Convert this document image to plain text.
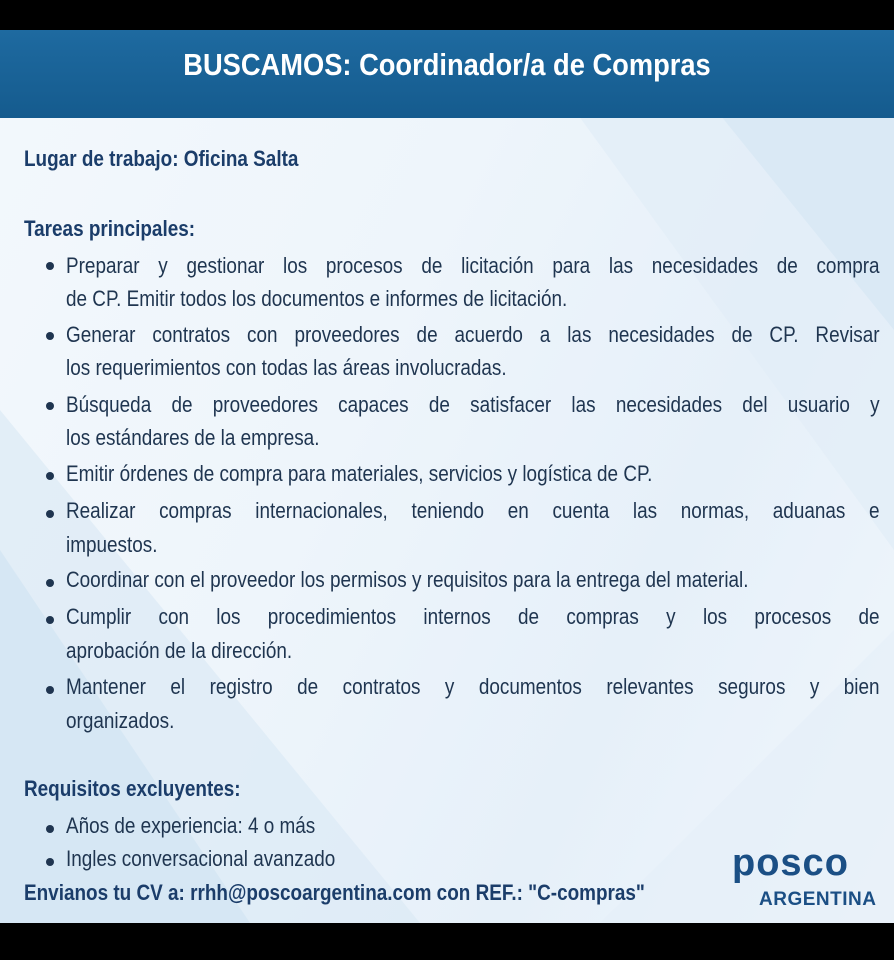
BUSCAMOS: Coordinador/a de Compras
Lugar de trabajo: Oficina Salta
Tareas principales:
Preparar y gestionar los procesos de licitación para las necesidades de compra
de CP. Emitir todos los documentos e informes de licitación.
Generar contratos con proveedores de acuerdo a las necesidades de CP. Revisar
los requerimientos con todas las áreas involucradas.
Búsqueda de proveedores capaces de satisfacer las necesidades del usuario y
los estándares de la empresa.
Emitir órdenes de compra para materiales, servicios y logística de CP.
Realizar compras internacionales, teniendo en cuenta las normas, aduanas e
impuestos.
Coordinar con el proveedor los permisos y requisitos para la entrega del material.
Cumplir con los procedimientos internos de compras y los procesos de
aprobación de la dirección.
Mantener el registro de contratos y documentos relevantes seguros y bien
organizados.
Requisitos excluyentes:
Años de experiencia: 4 o más
Ingles conversacional avanzado
Envianos tu CV a: rrhh@poscoargentina.com con REF.: "C-compras"
posco
ARGENTINA
